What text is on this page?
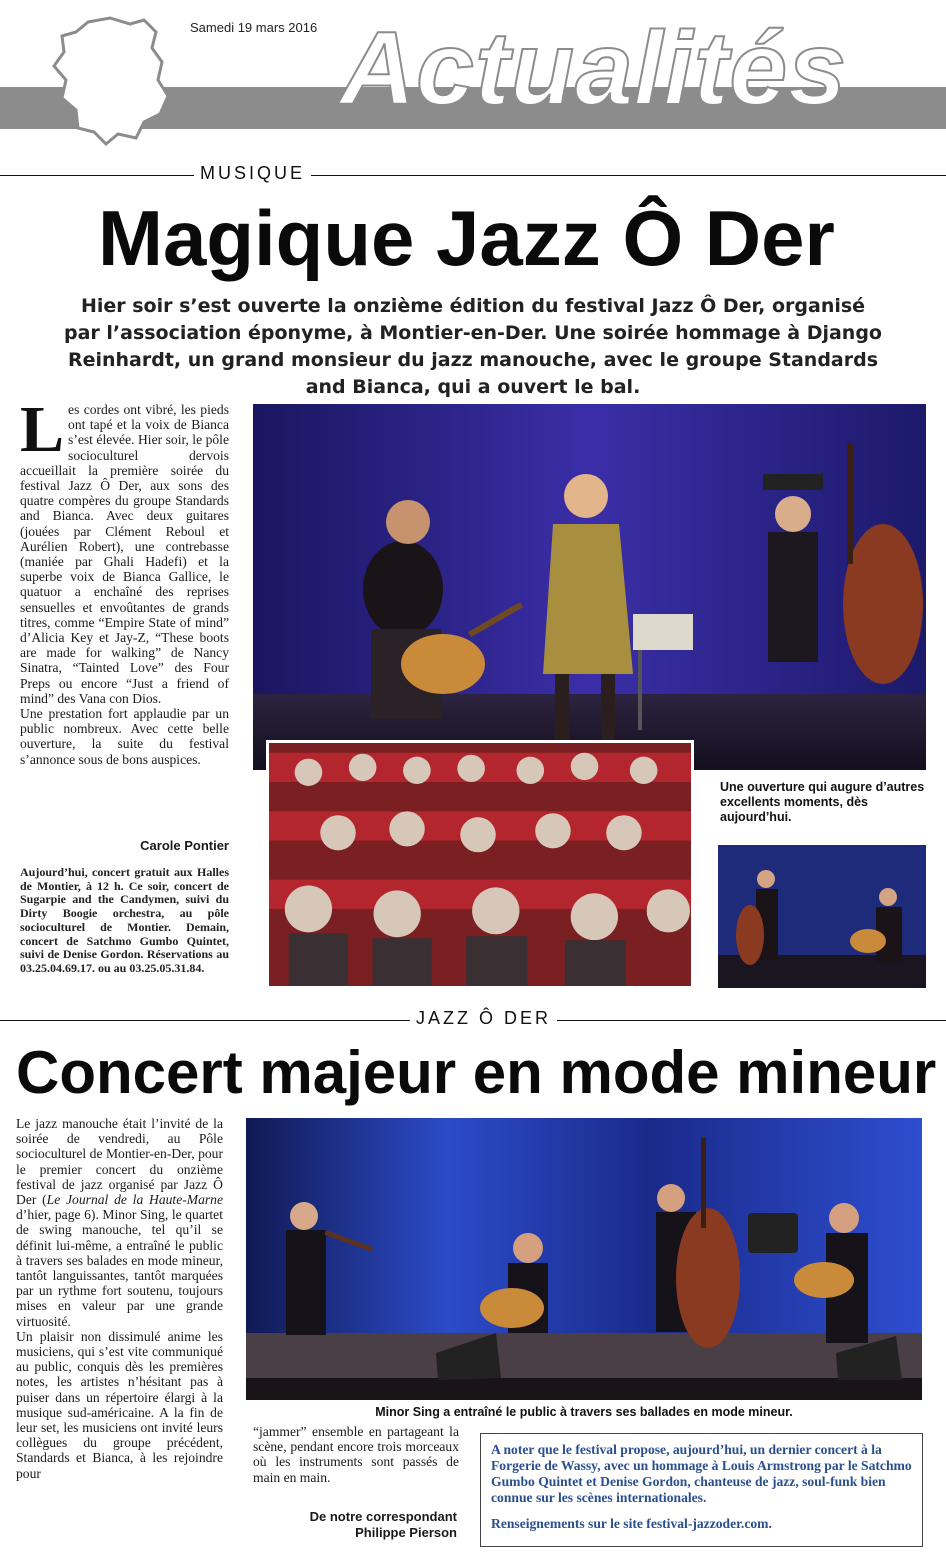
Samedi 19 mars 2016 Actualités
MUSIQUE
Magique Jazz Ô Der
Hier soir s’est ouverte la onzième édition du festival Jazz Ô Der, organisé par l’association éponyme, à Montier-en-Der. Une soirée hommage à Django Reinhardt, un grand monsieur du jazz manouche, avec le groupe Standards and Bianca, qui a ouvert le bal.

Les cordes ont vibré, les pieds ont tapé et la voix de Bianca s’est élevée. Hier soir, le pôle socioculturel dervois accueillait la première soirée du festival Jazz Ô Der, aux sons des quatre compères du groupe Standards and Bianca. Avec deux guitares (jouées par Clément Reboul et Aurélien Robert), une contrebasse (maniée par Ghali Hadefi) et la superbe voix de Bianca Gallice, le quatuor a enchaîné des reprises sensuelles et envoûtantes de grands titres, comme “Empire State of mind” d’Alicia Key et Jay-Z, “These boots are made for walking” de Nancy Sinatra, “Tainted Love” des Four Preps ou encore “Just a friend of mind” des Vana con Dios.

Une prestation fort applaudie par un public nombreux. Avec cette belle ouverture, la suite du festival s’annonce sous de bons auspices.

Carole Pontier
Aujourd’hui, concert gratuit aux Halles de Montier, à 12 h. Ce soir, concert de Sugarpie and the Candymen, suivi du Dirty Boogie orchestra, au pôle socioculturel de Montier. Demain, concert de Satchmo Gumbo Quintet, suivi de Denise Gordon. Réservations au 03.25.04.69.17. ou au 03.25.05.31.84.
Une ouverture qui augure d’autres excellents moments, dès aujourd’hui.
JAZZ Ô DER
Concert majeur en mode mineur

Le jazz manouche était l’invité de la soirée de vendredi, au Pôle socioculturel de Montier-en-Der, pour le premier concert du onzième festival de jazz organisé par Jazz Ô Der (Le Journal de la Haute-Marne d’hier, page 6). Minor Sing, le quartet de swing manouche, tel qu’il se définit lui-même, a entraîné le public à travers ses balades en mode mineur, tantôt languissantes, tantôt marquées par un rythme fort soutenu, toujours mises en valeur par une grande virtuosité.

Un plaisir non dissimulé anime les musiciens, qui s’est vite communiqué au public, conquis dès les premières notes, les artistes n’hésitant pas à puiser dans un répertoire élargi à la musique sud-américaine. A la fin de leur set, les musiciens ont invité leurs collègues du groupe précédent, Standards et Bianca, à les rejoindre pour

Minor Sing a entraîné le public à travers ses ballades en mode mineur.
“jammer” ensemble en partageant la scène, pendant encore trois morceaux où les instruments sont passés de main en main.
De notre correspondant
Philippe Pierson

A noter que le festival propose, aujourd’hui, un dernier concert à la Forgerie de Wassy, avec un hommage à Louis Armstrong par le Satchmo Gumbo Quintet et Denise Gordon, chanteuse de jazz, soul-funk bien connue sur les scènes internationales.

Renseignements sur le site festival-jazzoder.com.
